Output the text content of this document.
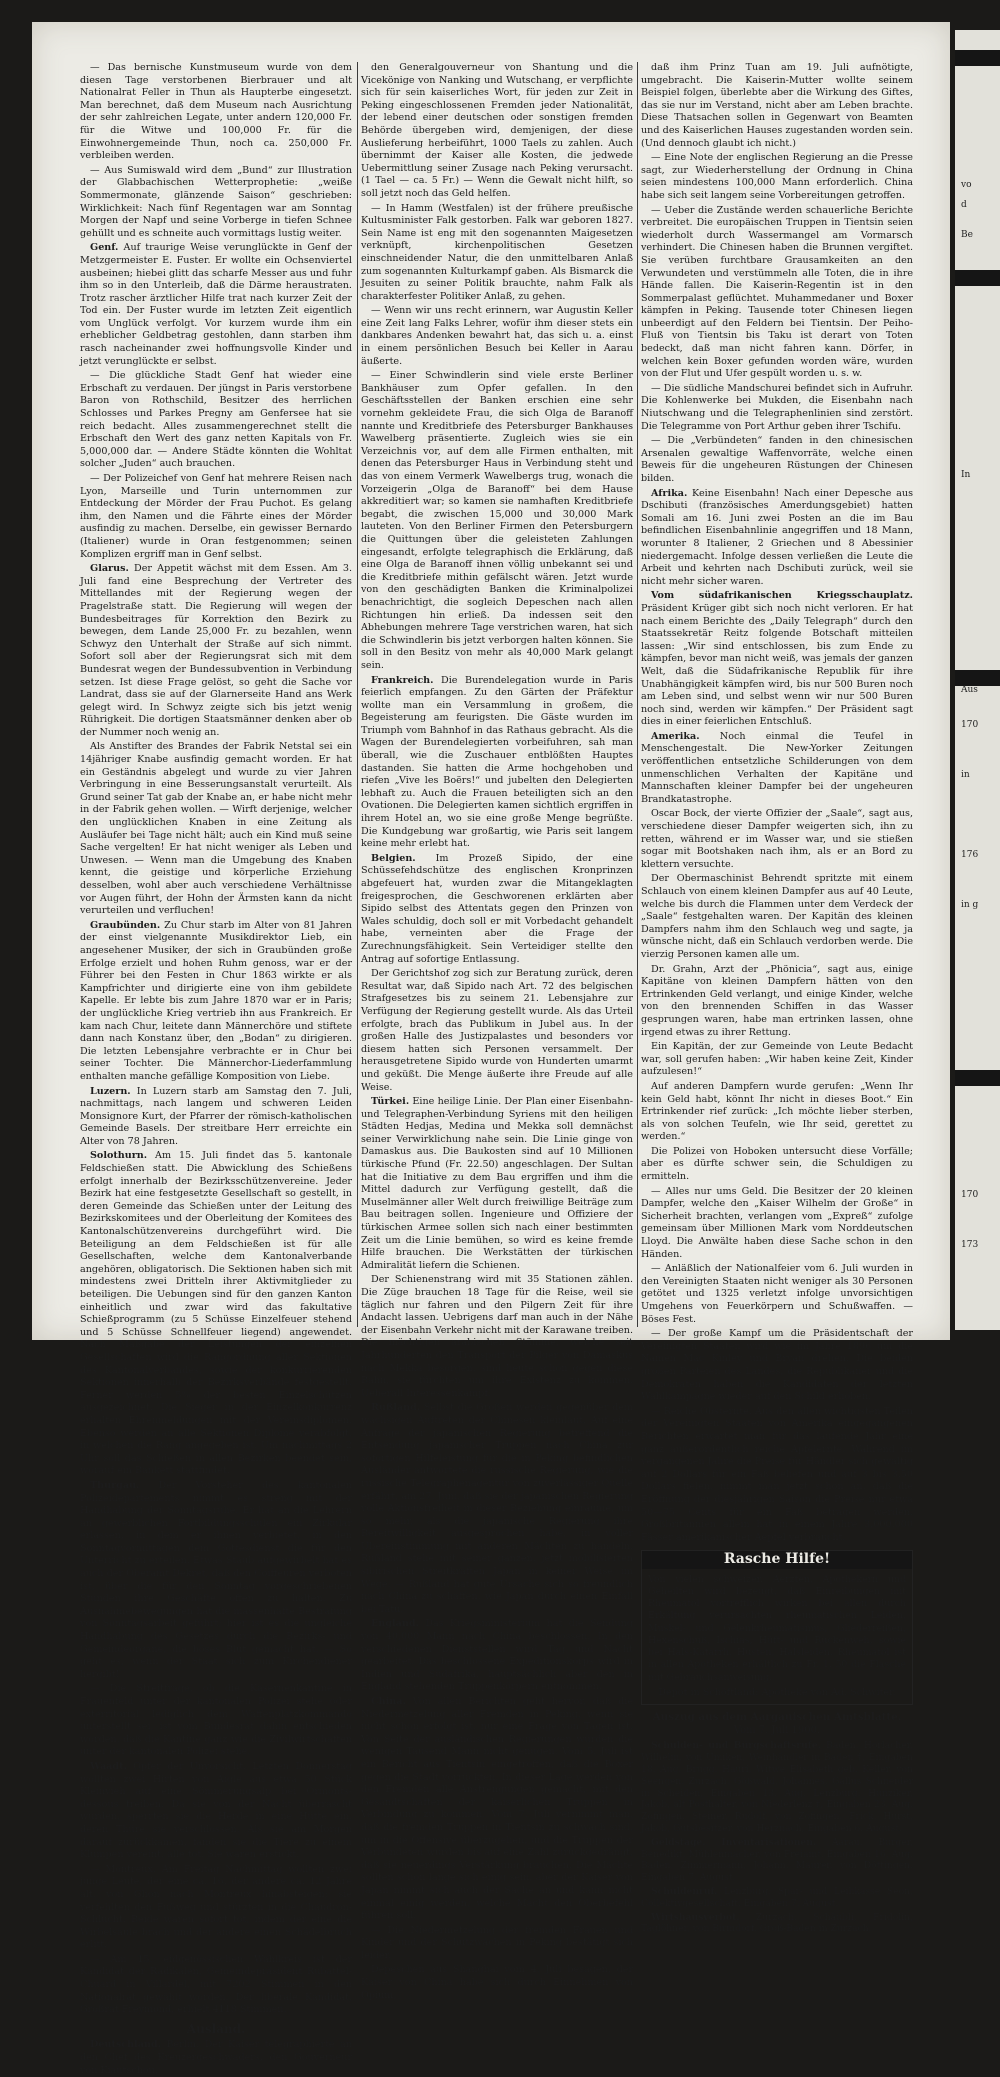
— Das bernische Kunstmuseum wurde von dem diesen Tage verstorbenen Bierbrauer und alt Nationalrat Feller in Thun als Haupterbe eingesetzt. Man berechnet, daß dem Museum nach Ausrichtung der sehr zahlreichen Legate, unter andern 120,000 Fr. für die Witwe und 100,000 Fr. für die Einwohnergemeinde Thun, noch ca. 250,000 Fr. verbleiben werden.

— Aus Sumiswald wird dem „Bund“ zur Illustration der Glabbachischen Wetterprophetie: „weiße Sommermonate, glänzende Saison“ geschrieben: Wirklichkeit: Nach fünf Regentagen war am Sonntag Morgen der Napf und seine Vorberge in tiefen Schnee gehüllt und es schneite auch vormittags lustig weiter.

Genf. Auf traurige Weise verunglückte in Genf der Metzgermeister E. Fuster. Er wollte ein Ochsenviertel ausbeinen; hiebei glitt das scharfe Messer aus und fuhr ihm so in den Unterleib, daß die Därme heraustraten. Trotz rascher ärztlicher Hilfe trat nach kurzer Zeit der Tod ein. Der Fuster wurde im letzten Zeit eigentlich vom Unglück verfolgt. Vor kurzem wurde ihm ein erheblicher Geldbetrag gestohlen, dann starben ihm rasch nacheinander zwei hoffnungsvolle Kinder und jetzt verunglückte er selbst.

— Die glückliche Stadt Genf hat wieder eine Erbschaft zu verdauen. Der jüngst in Paris verstorbene Baron von Rothschild, Besitzer des herrlichen Schlosses und Parkes Pregny am Genfersee hat sie reich bedacht. Alles zusammengerechnet stellt die Erbschaft den Wert des ganz netten Kapitals von Fr. 5,000,000 dar. — Andere Städte könnten die Wohltat solcher „Juden“ auch brauchen.

— Der Polizeichef von Genf hat mehrere Reisen nach Lyon, Marseille und Turin unternommen zur Entdeckung der Mörder der Frau Puchot. Es gelang ihm, den Namen und die Fährte eines der Mörder ausfindig zu machen. Derselbe, ein gewisser Bernardo (Italiener) wurde in Oran festgenommen; seinen Komplizen ergriff man in Genf selbst.

Glarus. Der Appetit wächst mit dem Essen. Am 3. Juli fand eine Besprechung der Vertreter des Mittellandes mit der Regierung wegen der Pragelstraße statt. Die Regierung will wegen der Bundesbeitrages für Korrektion den Bezirk zu bewegen, dem Lande 25,000 Fr. zu bezahlen, wenn Schwyz den Unterhalt der Straße auf sich nimmt. Sofort soll aber der Regierungsrat sich mit dem Bundesrat wegen der Bundessubvention in Verbindung setzen. Ist diese Frage gelöst, so geht die Sache vor Landrat, dass sie auf der Glarnerseite Hand ans Werk gelegt wird. In Schwyz zeigte sich bis jetzt wenig Rührigkeit. Die dortigen Staatsmänner denken aber ob der Nummer noch wenig an.

Als Anstifter des Brandes der Fabrik Netstal sei ein 14jähriger Knabe ausfindig gemacht worden. Er hat ein Geständnis abgelegt und wurde zu vier Jahren Verbringung in eine Besserungsanstalt verurteilt. Als Grund seiner Tat gab der Knabe an, er habe nicht mehr in der Fabrik gehen wollen. — Wirft derjenige, welcher den unglücklichen Knaben in eine Zeitung als Ausläufer bei Tage nicht hält; auch ein Kind muß seine Sache vergelten! Er hat nicht weniger als Leben und Unwesen. — Wenn man die Umgebung des Knaben kennt, die geistige und körperliche Erziehung desselben, wohl aber auch verschiedene Verhältnisse vor Augen führt, der Hohn der Ärmsten kann da nicht verurteilen und verfluchen!

Graubünden. Zu Chur starb im Alter von 81 Jahren der einst vielgenannte Musikdirektor Lieb, ein angesehener Musiker, der sich in Graubünden große Erfolge erzielt und hohen Ruhm genoss, war er der Führer bei den Festen in Chur 1863 wirkte er als Kampfrichter und dirigierte eine von ihm gebildete Kapelle. Er lebte bis zum Jahre 1870 war er in Paris; der unglückliche Krieg vertrieb ihn aus Frankreich. Er kam nach Chur, leitete dann Männerchöre und stiftete dann nach Konstanz über, den „Bodan“ zu dirigieren. Die letzten Lebensjahre verbrachte er in Chur bei seiner Tochter. Die Männerchor-Liederfammlung enthalten manche gefällige Komposition von Liebe.

Luzern. In Luzern starb am Samstag den 7. Juli, nachmittags, nach langem und schweren Leiden Monsignore Kurt, der Pfarrer der römisch-katholischen Gemeinde Basels. Der streitbare Herr erreichte ein Alter von 78 Jahren.

Solothurn. Am 15. Juli findet das 5. kantonale Feldschießen statt. Die Abwicklung des Schießens erfolgt innerhalb der Bezirksschützenvereine. Jeder Bezirk hat eine festgesetzte Gesellschaft so gestellt, in deren Gemeinde das Schießen unter der Leitung des Bezirkskomitees und der Oberleitung der Komitees des Kantonalschützenvereins durchgeführt wird. Die Beteiligung an dem Feldschießen ist für alle Gesellschaften, welche dem Kantonalverbande angehören, obligatorisch. Die Sektionen haben sich mit mindestens zwei Dritteln ihrer Aktivmitglieder zu beteiligen. Die Uebungen sind für den ganzen Kanton einheitlich und zwar wird das fakultative Schießprogramm (zu 5 Schüsse Einzelfeuer stehend und 5 Schüsse Schnellfeuer liegend) angewendet. Nach Maßgabe der Leistungen der einzelnen Gesellschaften wird die Rangordnung aller Sektionen des Kantonalverbandes, sowie der konkurrierenden Sektionen innerhalb der Bezirksverbände festgestellt. Ferner werden 5% der besten Einzelschützen ausgezeichnet. Die Sieger in der Einzelkonkurrenz erhalten Ehrenmeldungen mit der Vereinsdiplomen. Ebenso werden an alle Sektionen Diplome verabfolgt, in welchen die Rang angegeben ist. Um nachmittags 2 Uhr soll das Schießen in allen Bezirken beendet sein, worauf ein Bankett stattfindet.

Thurgau. Der Vorsteher des kantonalen Polizeidepartements nimmt es streng mit der Handhabung der Sonntagsruhe. Er hat an die Lehrern an gewerblichen Fortbildungsschulen ein Zirkular erlassen, in dem er ihnen verbietet, in den Sonntagvormittagen dem Gottesdienst die für den Unterricht zu erteilen. Etwas Staub aufgewirbelt hat es auch der Oberamt Dekret, daß den Coiffeuren verboten ist, über die für den Sonntag vorgeschriebenen Stunden ihre Geschäfte offen zu halten. Zu Ausnahmebewegungen hat die massenhafte Bestrafung von Sonntagsarbeit geführt; hier ist es die ungleiche Handhabung des Gesetzes durch die Bezirks- und Gemeindeorgane, die böses Blut gemacht hat. — So geht es, wenn der Staat sich zum Kirchendiener hergibt!

— Die Streitfrage, ob die Kasernenkantine in Frauenfeld unter der kantonalen Polizei stehe oder exterritorial lediglich dem Waffenplatzkommando unterstellt sei, ist vom Bundesrat dahin entschieden worden, daß die Kantine ganz wie die Zivilwirtschaften unter der kantonalen Polizei stehe.

Waadt. Opfer der Unvorsicht. Letzten Donnerstag wollten zwei Hirten von Aigle aus etwa 50 Stück Kleinvieh auf eine Sömmerungsalp bei Ormonts-dessous treiben. Da sie von der Nacht überrascht wurden, sperrten sie die Herde in eine Hütte ein, deren Thüre sie verschlossen. Als sie am Morgen darauf zurückkamen, fanden sie die Tiere zu einem Klumpen vereint, alle tot. Sie waren erstickt.

— Montreux. Am Freitag Nachmittag wollten zwei junge Leute, der eine ca. 16, der andere ca. 12 Jahre alt, von Glion nach Montreux hinabsteigen; sie verfehlten den Fußweg und stürzten in die Chaudron-Schlucht. Beide waren sofort tot, indem der eine die Wirbelsäule brach und der andere einen Schädelbruch erlitt.

— Am 15. eidgenössischen Wahlkreis ist der Kandidat der Radikalen, Gemeindepräsident Rubattel-Chuard in Villardel, mit 7202 Stimmen in den Nationalrat gewählt worden. Der liberale Kandidat, Großrat Freymond, erhielt 4118 Stimmen.

Ausland.

Deutschland. Berlin. Der Kaiser telegraphierte an den Chef des Kreuzergeschwaders, den Gouverneur von Kiautschou,

den Generalgouverneur von Shantung und die Vicekönige von Nanking und Wutschang, er verpflichte sich für sein kaiserliches Wort, für jeden zur Zeit in Peking eingeschlossenen Fremden jeder Nationalität, der lebend einer deutschen oder sonstigen fremden Behörde übergeben wird, demjenigen, der diese Auslieferung herbeiführt, 1000 Taels zu zahlen. Auch übernimmt der Kaiser alle Kosten, die jedwede Uebermittlung seiner Zusage nach Peking verursacht. (1 Tael — ca. 5 Fr.) — Wenn die Gewalt nicht hilft, so soll jetzt noch das Geld helfen.

— In Hamm (Westfalen) ist der frühere preußische Kultusminister Falk gestorben. Falk war geboren 1827. Sein Name ist eng mit den sogenannten Maigesetzen verknüpft, kirchenpolitischen Gesetzen einschneidender Natur, die den unmittelbaren Anlaß zum sogenannten Kulturkampf gaben. Als Bismarck die Jesuiten zu seiner Politik brauchte, nahm Falk als charakterfester Politiker Anlaß, zu gehen.

— Wenn wir uns recht erinnern, war Augustin Keller eine Zeit lang Falks Lehrer, wofür ihm dieser stets ein dankbares Andenken bewahrt hat, das sich u. a. einst in einem persönlichen Besuch bei Keller in Aarau äußerte.

— Einer Schwindlerin sind viele erste Berliner Bankhäuser zum Opfer gefallen. In den Geschäftsstellen der Banken erschien eine sehr vornehm gekleidete Frau, die sich Olga de Baranoff nannte und Kreditbriefe des Petersburger Bankhauses Wawelberg präsentierte. Zugleich wies sie ein Verzeichnis vor, auf dem alle Firmen enthalten, mit denen das Petersburger Haus in Verbindung steht und das von einem Vermerk Wawelbergs trug, wonach die Vorzeigerin „Olga de Baranoff“ bei dem Hause akkreditiert war; so kamen sie namhaften Kreditbriefe begabt, die zwischen 15,000 und 30,000 Mark lauteten. Von den Berliner Firmen den Petersburgern die Quittungen über die geleisteten Zahlungen eingesandt, erfolgte telegraphisch die Erklärung, daß eine Olga de Baranoff ihnen völlig unbekannt sei und die Kreditbriefe mithin gefälscht wären. Jetzt wurde von den geschädigten Banken die Kriminalpolizei benachrichtigt, die sogleich Depeschen nach allen Richtungen hin erließ. Da indessen seit den Abhebungen mehrere Tage verstrichen waren, hat sich die Schwindlerin bis jetzt verborgen halten können. Sie soll in den Besitz von mehr als 40,000 Mark gelangt sein.

Frankreich. Die Burendelegation wurde in Paris feierlich empfangen. Zu den Gärten der Präfektur wollte man ein Versammlung in großem, die Begeisterung am feurigsten. Die Gäste wurden im Triumph vom Bahnhof in das Rathaus gebracht. Als die Wagen der Burendelegierten vorbeifuhren, sah man überall, wie die Zuschauer entblößten Hauptes dastanden. Sie hatten die Arme hochgehoben und riefen „Vive les Boërs!“ und jubelten den Delegierten lebhaft zu. Auch die Frauen beteiligten sich an den Ovationen. Die Delegierten kamen sichtlich ergriffen in ihrem Hotel an, wo sie eine große Menge begrüßte. Die Kundgebung war großartig, wie Paris seit langem keine mehr erlebt hat.

Belgien. Im Prozeß Sipido, der eine Schüssefehdschütze des englischen Kronprinzen abgefeuert hat, wurden zwar die Mitangeklagten freigesprochen, die Geschworenen erklärten aber Sipido selbst des Attentats gegen den Prinzen von Wales schuldig, doch soll er mit Vorbedacht gehandelt habe, verneinten aber die Frage der Zurechnungsfähigkeit. Sein Verteidiger stellte den Antrag auf sofortige Entlassung.

Der Gerichtshof zog sich zur Beratung zurück, deren Resultat war, daß Sipido nach Art. 72 des belgischen Strafgesetzes bis zu seinem 21. Lebensjahre zur Verfügung der Regierung gestellt wurde. Als das Urteil erfolgte, brach das Publikum in Jubel aus. In der großen Halle des Justizpalastes und besonders vor diesem hatten sich Personen versammelt. Der herausgetretene Sipido wurde von Hunderten umarmt und geküßt. Die Menge äußerte ihre Freude auf alle Weise.

Türkei. Eine heilige Linie. Der Plan einer Eisenbahn- und Telegraphen-Verbindung Syriens mit den heiligen Städten Hedjas, Medina und Mekka soll demnächst seiner Verwirklichung nahe sein. Die Linie ginge von Damaskus aus. Die Baukosten sind auf 10 Millionen türkische Pfund (Fr. 22.50) angeschlagen. Der Sultan hat die Initiative zu dem Bau ergriffen und ihm die Mittel dadurch zur Verfügung gestellt, daß die Muselmänner aller Welt durch freiwillige Beiträge zum Bau beitragen sollen. Ingenieure und Offiziere der türkischen Armee sollen sich nach einer bestimmten Zeit um die Linie bemühen, so wird es keine fremde Hilfe brauchen. Die Werkstätten der türkischen Admiralität liefern die Schienen.

Der Schienenstrang wird mit 35 Stationen zählen. Die Züge brauchen 18 Tage für die Reise, weil sie täglich nur fahren und den Pilgern Zeit für ihre Andacht lassen. Uebrigens darf man auch in der Nähe der Eisenbahn Verkehr nicht mit der Karawane treiben. Die mächtigen arabischen Stämme, welche seit Jahrhunderten den Transport der Pilger von Damaskus nach Mekka besorgen, sind heute schon gegen diese Bahn, sie fürchten um ihre Existenz zu kommen. Ueberall Interessenkampf.

Rußland. Selbst die Großen werden gegenüber dem wachsigen Auftreten der Chinesen kleinlaut. Auf eine Anfrage der japanischen Regierung betreffend die Entsendung japanischer Truppen nach China zur sofortigen Hilfeleistung für die in Peking befindlichen Ausländer antwortete die russische Regierung, wie die russische Telegraphenagentur von zuverlässiger Quelle erfährt, am 27. Juni, daß sie der japanischen Regierung volle Aktionsfreiheit in dieser Beziehung einräume, um so mehr, als die japanische Regierung ihre Bereitwilligkeit ausgesprochen habe, in voller Übereinstimmung mit anderen Mächten zu handeln. Rußland stehe mit seiner ganzen, jetzt mobilisierten sibirischen Streitkräften Japan in keiner Weise im Wege. — Rußland hat gute Ursache sich so freundlich nach China zu schaffen, wie Japan durch einen Einfall bei Tatu.

England. Das Kriegsministerium hat die Sendung von 40,000 Mann nach China beschlossen. In den verschiedenen Dienststellen wird Tag und Nacht gearbeitet. Das beschlossene Expeditionskorps wird in Indien und Südafrika, hauptsächlich aber den in England stehenden Truppenkörpern entnommen.

China. Von allen Berichten geht hervor, daß die Niedermetzelung aller Fremden in Peking, wenn sie nicht schon erfolgt ist, nur eine Frage von Tagen ist. Von Seite der ausländischen Regierungen würden die wenigen Tausend Mann nicht genügen. Vom 5. Juli ist ein Bericht aus Tientsin eingetroffen, daß die Boxer gegen die Stadt vorrückten. In dieser Lage werden von den Fremden alle Anstrengungen gemacht, mit den Gesandtschaften der kaiserlichen Truppen in Verbindung zu kommen. Vom 7. Juli vernimmt man, daß die fremden Truppen in Tientsin zu schwach sind, um in die Offensive überzugehen, und die Truppen der Verbündeten wurden bis auf eine Zahl zurückgedrängt, daß sie neuerdings Verstärkung brauchen. Die Mächte sollten schon lange sich einig sein, aber der Kaiser von Japan nimmt sich auch der Sache an und kann nicht einmal einig werden, welche Macht den Oberbefehl führen soll.

— Die Niedermetzelung der fremden Frauen und Kinder und der Schutzwachen in Peking bestätigt sich leider.

Depeschen aus Shanghai vom 4. Juli besagen, der Kaiser von China habe sich durch Einnehmen von Opium,

daß ihm Prinz Tuan am 19. Juli aufnötigte, umgebracht. Die Kaiserin-Mutter wollte seinem Beispiel folgen, überlebte aber die Wirkung des Giftes, das sie nur im Verstand, nicht aber am Leben brachte. Diese Thatsachen sollen in Gegenwart von Beamten und des Kaiserlichen Hauses zugestanden worden sein. (Und dennoch glaubt ich nicht.)

— Eine Note der englischen Regierung an die Presse sagt, zur Wiederherstellung der Ordnung in China seien mindestens 100,000 Mann erforderlich. China habe sich seit langem seine Vorbereitungen getroffen.

— Ueber die Zustände werden schauerliche Berichte verbreitet. Die europäischen Truppen in Tientsin seien wiederholt durch Wassermangel am Vormarsch verhindert. Die Chinesen haben die Brunnen vergiftet. Sie verüben furchtbare Grausamkeiten an den Verwundeten und verstümmeln alle Toten, die in ihre Hände fallen. Die Kaiserin-Regentin ist in den Sommerpalast geflüchtet. Muhammedaner und Boxer kämpfen in Peking. Tausende toter Chinesen liegen unbeerdigt auf den Feldern bei Tientsin. Der Peiho-Fluß von Tientsin bis Taku ist derart von Toten bedeckt, daß man nicht fahren kann. Dörfer, in welchen kein Boxer gefunden worden wäre, wurden von der Flut und Ufer gespült worden u. s. w.

— Die südliche Mandschurei befindet sich in Aufruhr. Die Kohlenwerke bei Mukden, die Eisenbahn nach Niutschwang und die Telegraphenlinien sind zerstört. Die Telegramme von Port Arthur geben ihrer Tschifu.

— Die „Verbündeten“ fanden in den chinesischen Arsenalen gewaltige Waffenvorräte, welche einen Beweis für die ungeheuren Rüstungen der Chinesen bilden.

Afrika. Keine Eisenbahn! Nach einer Depesche aus Dschibuti (französisches Amerdungsgebiet) hatten Somali am 16. Juni zwei Posten an die im Bau befindlichen Eisenbahnlinie angegriffen und 18 Mann, worunter 8 Italiener, 2 Griechen und 8 Abessinier niedergemacht. Infolge dessen verließen die Leute die Arbeit und kehrten nach Dschibuti zurück, weil sie nicht mehr sicher waren.

Vom südafrikanischen Kriegsschauplatz. Präsident Krüger gibt sich noch nicht verloren. Er hat nach einem Berichte des „Daily Telegraph“ durch den Staatssekretär Reitz folgende Botschaft mitteilen lassen: „Wir sind entschlossen, bis zum Ende zu kämpfen, bevor man nicht weiß, was jemals der ganzen Welt, daß die Südafrikanische Republik für ihre Unabhängigkeit kämpfen wird, bis nur 500 Buren noch am Leben sind, und selbst wenn wir nur 500 Buren noch sind, werden wir kämpfen.“ Der Präsident sagt dies in einer feierlichen Entschluß.

Amerika. Noch einmal die Teufel in Menschengestalt. Die New-Yorker Zeitungen veröffentlichen entsetzliche Schilderungen von dem unmenschlichen Verhalten der Kapitäne und Mannschaften kleiner Dampfer bei der ungeheuren Brandkatastrophe.

Oscar Bock, der vierte Offizier der „Saale“, sagt aus, verschiedene dieser Dampfer weigerten sich, ihn zu retten, während er im Wasser war, und sie stießen sogar mit Bootshaken nach ihm, als er an Bord zu klettern versuchte.

Der Obermaschinist Behrendt spritzte mit einem Schlauch von einem kleinen Dampfer aus auf 40 Leute, welche bis durch die Flammen unter dem Verdeck der „Saale“ festgehalten waren. Der Kapitän des kleinen Dampfers nahm ihm den Schlauch weg und sagte, ja wünsche nicht, daß ein Schlauch verdorben werde. Die vierzig Personen kamen alle um.

Dr. Grahn, Arzt der „Phönicia“, sagt aus, einige Kapitäne von kleinen Dampfern hätten von den Ertrinkenden Geld verlangt, und einige Kinder, welche von den brennenden Schiffen in das Wasser gesprungen waren, habe man ertrinken lassen, ohne irgend etwas zu ihrer Rettung.

Ein Kapitän, der zur Gemeinde von Leute Bedacht war, soll gerufen haben: „Wir haben keine Zeit, Kinder aufzulesen!“

Auf anderen Dampfern wurde gerufen: „Wenn Ihr kein Geld habt, könnt Ihr nicht in dieses Boot.“ Ein Ertrinkender rief zurück: „Ich möchte lieber sterben, als von solchen Teufeln, wie Ihr seid, gerettet zu werden.“

Die Polizei von Hoboken untersucht diese Vorfälle; aber es dürfte schwer sein, die Schuldigen zu ermitteln.

— Alles nur ums Geld. Die Besitzer der 20 kleinen Dampfer, welche den „Kaiser Wilhelm der Große“ in Sicherheit brachten, verlangen vom „Expreß“ zufolge gemeinsam über Millionen Mark vom Norddeutschen Lloyd. Die Anwälte haben diese Sache schon in den Händen.

— Anläßlich der Nationalfeier vom 6. Juli wurden in den Vereinigten Staaten nicht weniger als 30 Personen getötet und 1325 verletzt infolge unvorsichtigen Umgehens von Feuerkörpern und Schußwaffen. — Böses Fest.

— Der große Kampf um die Präsidentschaft der Vereinigten Staaten wird wie im Jahre 1896 um die Namen Mac Kinley und Bryan drehen. Die beiden großen Parteien des Landes, die Republikaner und die Demokraten haben die Kandidaten der letzten Wahlkampagne wieder auf den Schild erhoben.

— Reiche Obsternte. Aus den allen wichtigsten Teilen der Vereinigten Staaten von Amerika eingegangenen Berichten erwartet man für das laufende Jahr eine ganz außerordentlich reiche Apfelernte. Während im vergangenen Jahre die Preise für Händler sich gewaltig auf 2 Dollars für ein Faß beliefen und auf 3 bis 3,50 Dollars fielen, nimmt man jetzt schon an, daß die Eröffnung der diesjährigen Saison die Preise nur etwa 50—75 Cents für ein Faß betragen werden. Großbritannien allein hat in einem Jahre 3,000,000 Fässer amerikanischer Aepfel verbraucht.

Rasche Hilfe!
Von vielen schweizer. Aerzten, Apothekern und Geheilten wird bezeugt, daß Einreibungen mit Rheumatol vortrefflich wirken bei allen durch Erkältung verursachten rheumatischen Leiden, Muskel- und Gelenkrheumatismus, Gliederreißen, Hexenschuß, Ischias, Hüft- und Rückenweh, sowie bei Hals-Katarrh, Husten, Halsleiden. Rheumatol ist in allen Apotheken erhältlich zu Fr. 1. 50 die Flasche mit Gebrauchsanweisung.
Depot in Schöftland: Apotheke von Ad. Schwiter.
Auszug aus dem Aargauischen Amtsblatte.
Vom 7. Juli 1900.

Schulden- und Bürgschaftsrufe. Baden. Horlacher, Wilhelm, von Umiken, Weinhändler in Baden †, Eingaben 18. Aug. Brugg. Hauri, Witwe Elisabeth geb. Keller, von Seengen. Zurzach. Gößwald, Johannes, Gallus Schneider in Scheiden, Eingaben 13. Aug. Lenzburg. Hunziker, Jakob, alt Posthalter, von Niederlenz †, Eingaben 23. Aug. Zofingen. Steiner, Rudolf, von Zofingen. Frick. Hurst, Jakob, Gutsbesitzer, von Herznach, Eingaben 6. August.

Geldstage. Inventarisationen. Aarau. Burger, Benedikt, Mühlenmacher, von Freiamt. Eingaben 16. Aug. Baden. Zimmermann, Johann, Maurer, von Döttingen. Eingaben 7. August.

Schuldenruf. Lenzburg. Spar- und Leihkasse Seon, Collektivgesellschaft. Eingaben 7. August.

Wirtshausverbot. Zurzach. Schäubli, Fridolin, Taglöhner, von Birmdorf. Groß-Baden in Zurzach.

vo
d
Be
In
Aus
170
in
176
in g
170
173
